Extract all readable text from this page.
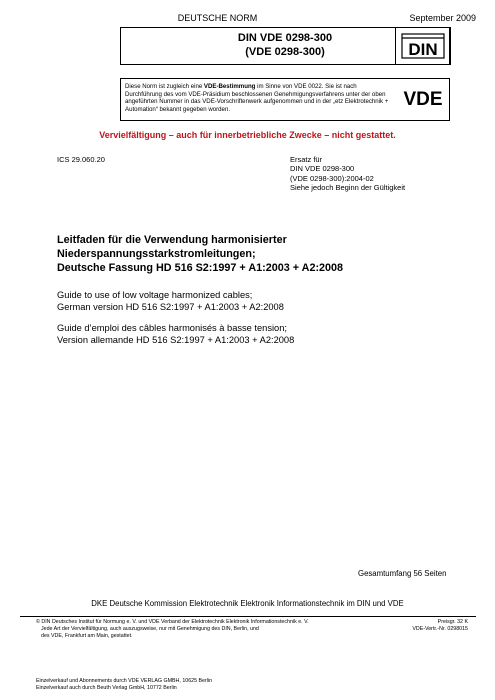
DEUTSCHE NORM	September 2009
DIN VDE 0298-300
(VDE 0298-300)	DIN
Diese Norm ist zugleich eine VDE-Bestimmung im Sinne von VDE 0022. Sie ist nach Durchführung des vom VDE-Präsidium beschlossenen Genehmigungsverfahrens unter der oben angeführten Nummer in das VDE-Vorschriftenwerk aufgenommen und in der „etz Elektrotechnik + Automation“ bekannt gegeben worden.	VDE
Vervielfältigung – auch für innerbetriebliche Zwecke – nicht gestattet.
ICS 29.060.20	Ersatz für
DIN VDE 0298-300
(VDE 0298-300):2004-02
Siehe jedoch Beginn der Gültigkeit
Leitfaden für die Verwendung harmonisierter
Niederspannungsstarkstromleitungen;
Deutsche Fassung HD 516 S2:1997 + A1:2003 + A2:2008
Guide to use of low voltage harmonized cables;
German version HD 516 S2:1997 + A1:2003 + A2:2008
Guide d’emploi des câbles harmonisés à basse tension;
Version allemande HD 516 S2:1997 + A1:2003 + A2:2008
Gesamtumfang 56 Seiten
DKE Deutsche Kommission Elektrotechnik Elektronik Informationstechnik im DIN und VDE
© DIN Deutsches Institut für Normung e. V. und VDE Verband der Elektrotechnik Elektronik Informationstechnik e. V.
Jede Art der Vervielfältigung, auch auszugsweise, nur mit Genehmigung des DIN, Berlin, und
des VDE, Frankfurt am Main, gestattet.
Preisgr. 32 K
VDE-Vertr.-Nr. 0298015
Einzelverkauf und Abonnements durch VDE VERLAG GMBH, 10625 Berlin
Einzelverkauf auch durch Beuth Verlag GmbH, 10772 Berlin
